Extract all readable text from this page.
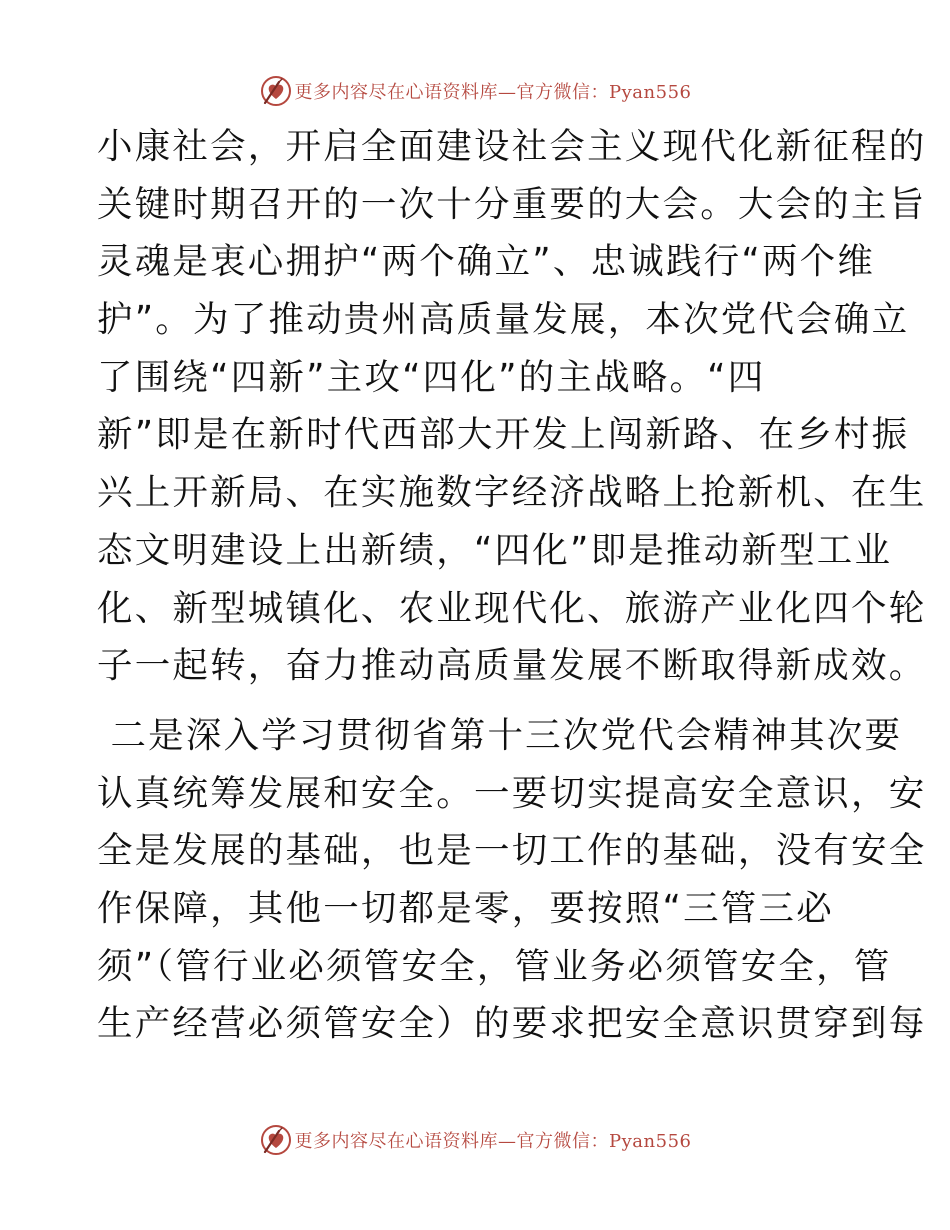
更多内容尽在心语资料库—官方微信：Pyan556
小康社会，开启全面建设社会主义现代化新征程的
关键时期召开的一次十分重要的大会。大会的主旨
灵魂是衷心拥护“两个确立”、忠诚践行“两个维
护”。为了推动贵州高质量发展，本次党代会确立
了围绕“四新”主攻“四化”的主战略。“四
新”即是在新时代西部大开发上闯新路、在乡村振
兴上开新局、在实施数字经济战略上抢新机、在生
态文明建设上出新绩，“四化”即是推动新型工业
化、新型城镇化、农业现代化、旅游产业化四个轮
子一起转，奋力推动高质量发展不断取得新成效。
二是深入学习贯彻省第十三次党代会精神其次要
认真统筹发展和安全。一要切实提高安全意识，安
全是发展的基础，也是一切工作的基础，没有安全
作保障，其他一切都是零，要按照“三管三必
须”（管行业必须管安全，管业务必须管安全，管
生产经营必须管安全）的要求把安全意识贯穿到每
更多内容尽在心语资料库—官方微信：Pyan556
